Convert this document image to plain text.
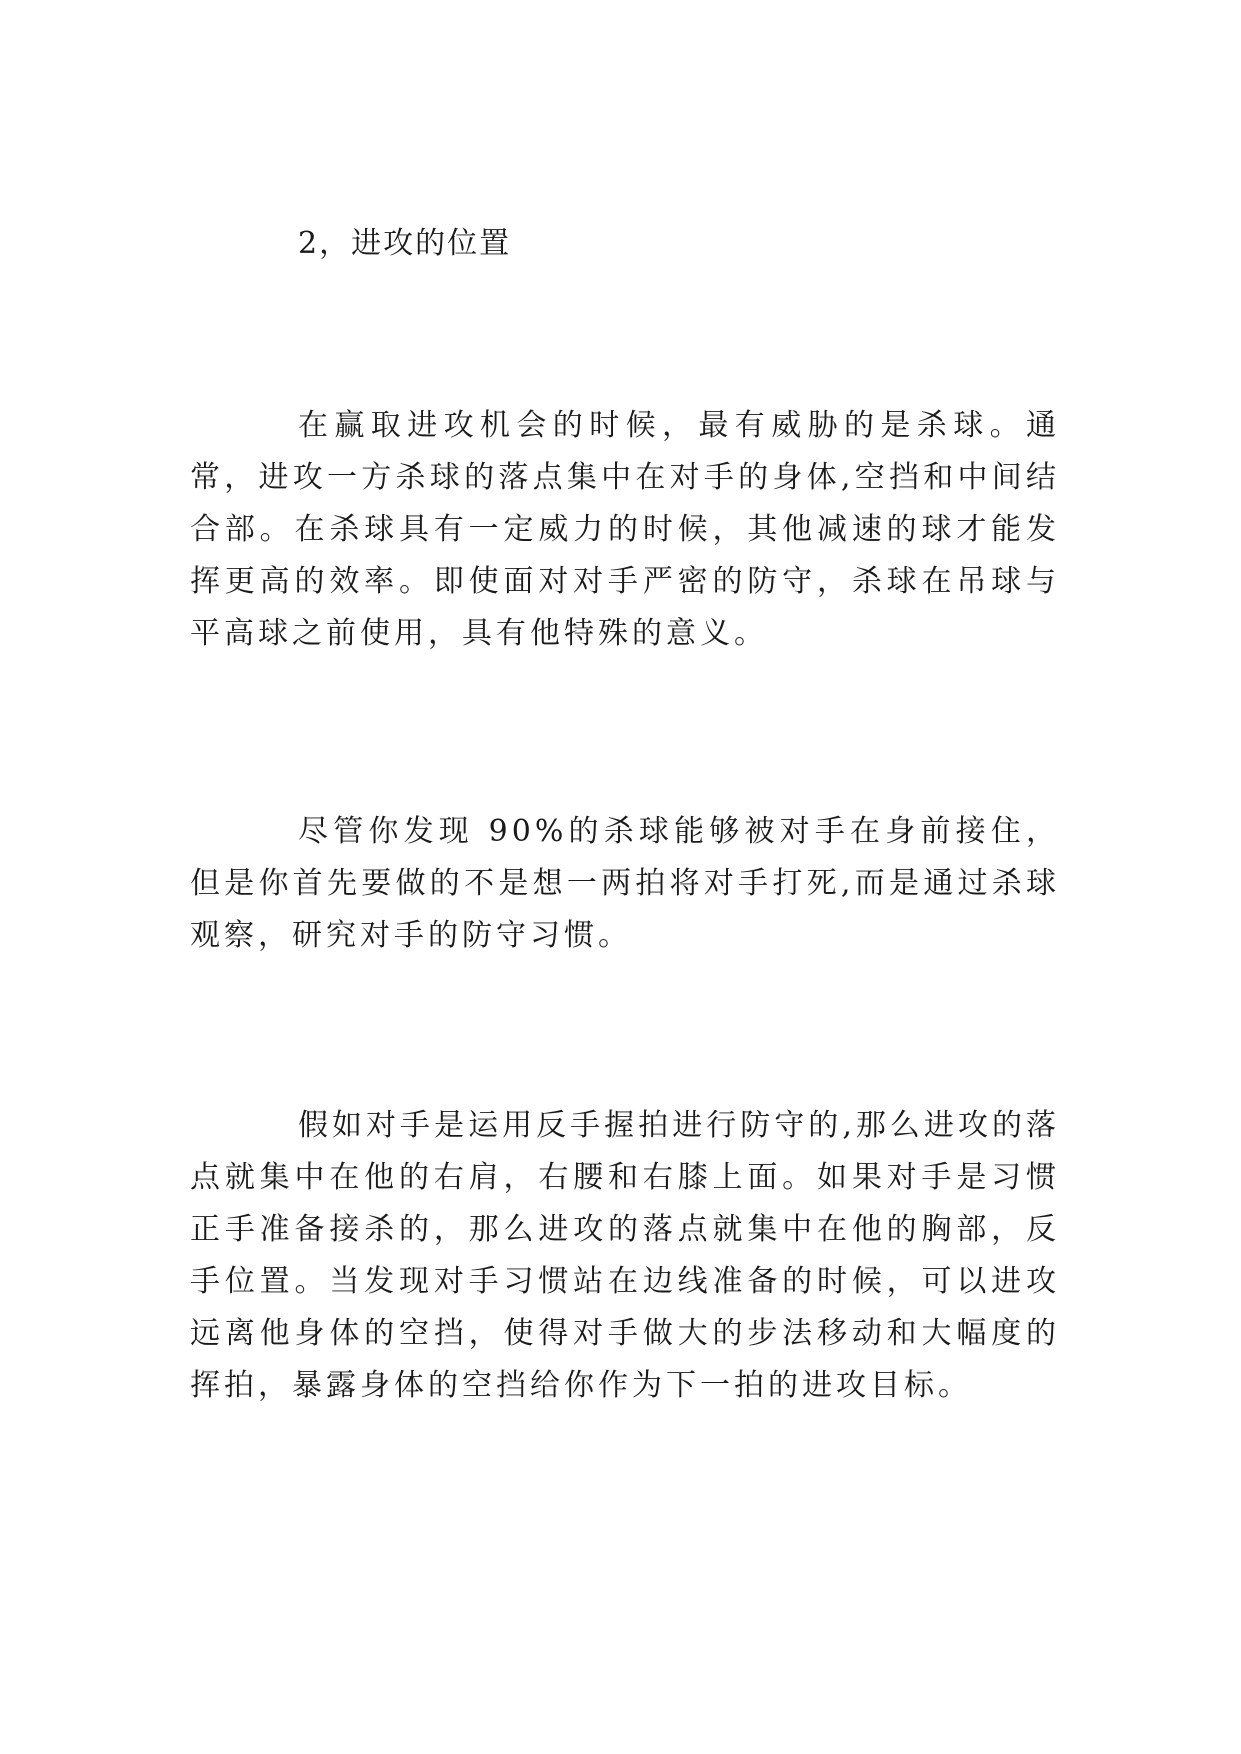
2，进攻的位置

在赢取进攻机会的时候，最有威胁的是杀球。通常，进攻一方杀球的落点集中在对手的身体,空挡和中间结合部。在杀球具有一定威力的时候，其他减速的球才能发挥更高的效率。即使面对对手严密的防守，杀球在吊球与平高球之前使用，具有他特殊的意义。

尽管你发现 90%的杀球能够被对手在身前接住，但是你首先要做的不是想一两拍将对手打死,而是通过杀球观察，研究对手的防守习惯。

假如对手是运用反手握拍进行防守的,那么进攻的落点就集中在他的右肩，右腰和右膝上面。如果对手是习惯正手准备接杀的，那么进攻的落点就集中在他的胸部，反手位置。当发现对手习惯站在边线准备的时候，可以进攻远离他身体的空挡，使得对手做大的步法移动和大幅度的挥拍，暴露身体的空挡给你作为下一拍的进攻目标。
